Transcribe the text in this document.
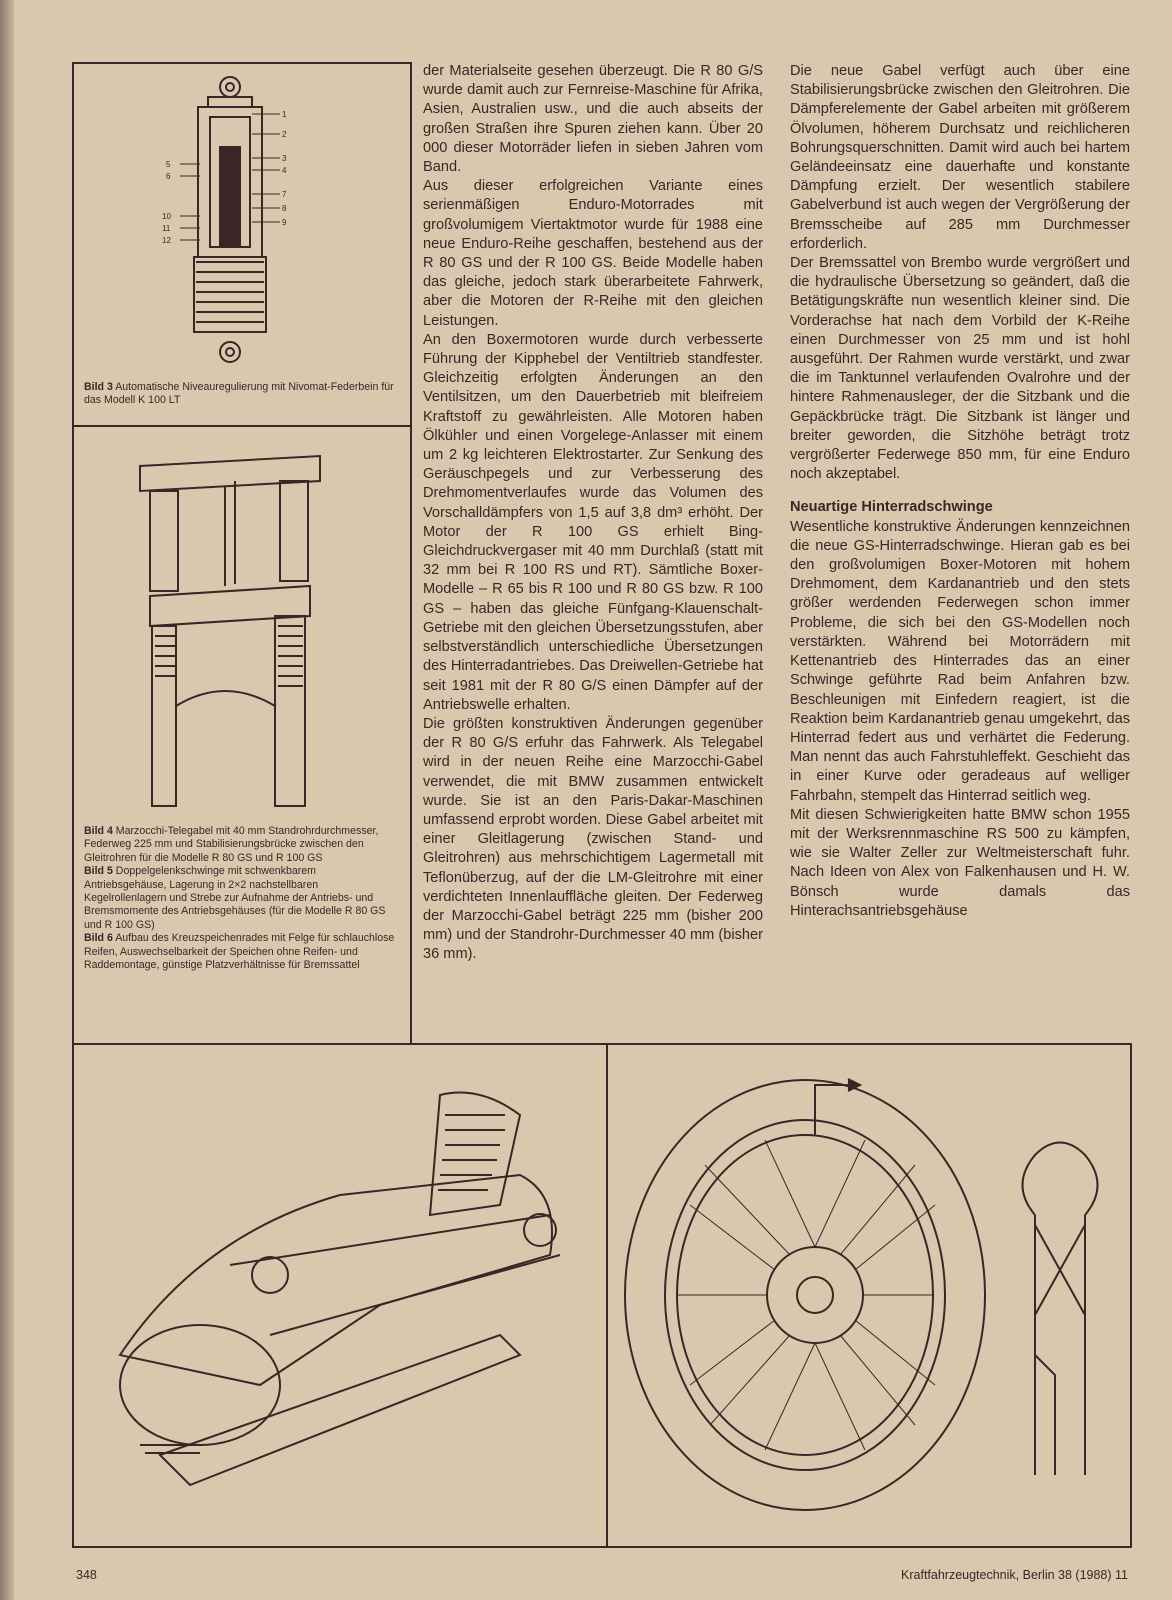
1
2
3
4
5
6
7
8
9
10
11
12

Bild 3 Automatische Niveauregulierung mit Nivomat-Federbein für das Modell K 100 LT

Bild 4 Marzocchi-Telegabel mit 40 mm Standrohrdurchmesser, Federweg 225 mm und Stabilisierungsbrücke zwischen den Gleitrohren für die Modelle R 80 GS und R 100 GS

Bild 5 Doppelgelenkschwinge mit schwenkbarem Antriebsgehäuse, Lagerung in 2×2 nachstellbaren Kegelrollenlagern und Strebe zur Aufnahme der Antriebs- und Bremsmomente des Antriebsgehäuses (für die Modelle R 80 GS und R 100 GS)

Bild 6 Aufbau des Kreuzspeichenrades mit Felge für schlauchlose Reifen, Auswechselbarkeit der Speichen ohne Reifen- und Raddemontage, günstige Platzverhältnisse für Bremssattel

der Materialseite gesehen überzeugt. Die R 80 G/S wurde damit auch zur Fernreise-Maschine für Afrika, Asien, Australien usw., und die auch abseits der großen Straßen ihre Spuren ziehen kann. Über 20 000 dieser Motorräder liefen in sieben Jahren vom Band.

Aus dieser erfolgreichen Variante eines serienmäßigen Enduro-Motorrades mit großvolumigem Viertaktmotor wurde für 1988 eine neue Enduro-Reihe geschaffen, bestehend aus der R 80 GS und der R 100 GS. Beide Modelle haben das gleiche, jedoch stark überarbeitete Fahrwerk, aber die Motoren der R-Reihe mit den gleichen Leistungen.

An den Boxermotoren wurde durch verbesserte Führung der Kipphebel der Ventiltrieb standfester. Gleichzeitig erfolgten Änderungen an den Ventilsitzen, um den Dauerbetrieb mit bleifreiem Kraftstoff zu gewährleisten. Alle Motoren haben Ölkühler und einen Vorgelege-Anlasser mit einem um 2 kg leichteren Elektrostarter. Zur Senkung des Geräuschpegels und zur Verbesserung des Drehmomentverlaufes wurde das Volumen des Vorschalldämpfers von 1,5 auf 3,8 dm³ erhöht. Der Motor der R 100 GS erhielt Bing-Gleichdruckvergaser mit 40 mm Durchlaß (statt mit 32 mm bei R 100 RS und RT). Sämtliche Boxer-Modelle – R 65 bis R 100 und R 80 GS bzw. R 100 GS – haben das gleiche Fünfgang-Klauenschalt-Getriebe mit den gleichen Übersetzungsstufen, aber selbstverständlich unterschiedliche Übersetzungen des Hinterradantriebes. Das Dreiwellen-Getriebe hat seit 1981 mit der R 80 G/S einen Dämpfer auf der Antriebswelle erhalten.

Die größten konstruktiven Änderungen gegenüber der R 80 G/S erfuhr das Fahrwerk. Als Telegabel wird in der neuen Reihe eine Marzocchi-Gabel verwendet, die mit BMW zusammen entwickelt wurde. Sie ist an den Paris-Dakar-Maschinen umfassend erprobt worden. Diese Gabel arbeitet mit einer Gleitlagerung (zwischen Stand- und Gleitrohren) aus mehrschichtigem Lagermetall mit Teflonüberzug, auf der die LM-Gleitrohre mit einer verdichteten Innenlauffläche gleiten. Der Federweg der Marzocchi-Gabel beträgt 225 mm (bisher 200 mm) und der Standrohr-Durchmesser 40 mm (bisher 36 mm).

Die neue Gabel verfügt auch über eine Stabilisierungsbrücke zwischen den Gleitrohren. Die Dämpferelemente der Gabel arbeiten mit größerem Ölvolumen, höherem Durchsatz und reichlicheren Bohrungsquerschnitten. Damit wird auch bei hartem Geländeeinsatz eine dauerhafte und konstante Dämpfung erzielt. Der wesentlich stabilere Gabelverbund ist auch wegen der Vergrößerung der Bremsscheibe auf 285 mm Durchmesser erforderlich.

Der Bremssattel von Brembo wurde vergrößert und die hydraulische Übersetzung so geändert, daß die Betätigungskräfte nun wesentlich kleiner sind. Die Vorderachse hat nach dem Vorbild der K-Reihe einen Durchmesser von 25 mm und ist hohl ausgeführt. Der Rahmen wurde verstärkt, und zwar die im Tanktunnel verlaufenden Ovalrohre und der hintere Rahmenausleger, der die Sitzbank und die Gepäckbrücke trägt. Die Sitzbank ist länger und breiter geworden, die Sitzhöhe beträgt trotz vergrößerter Federwege 850 mm, für eine Enduro noch akzeptabel.

Neuartige Hinterradschwinge

Wesentliche konstruktive Änderungen kennzeichnen die neue GS-Hinterradschwinge. Hieran gab es bei den großvolumigen Boxer-Motoren mit hohem Drehmoment, dem Kardanantrieb und den stets größer werdenden Federwegen schon immer Probleme, die sich bei den GS-Modellen noch verstärkten. Während bei Motorrädern mit Kettenantrieb des Hinterrades das an einer Schwinge geführte Rad beim Anfahren bzw. Beschleunigen mit Einfedern reagiert, ist die Reaktion beim Kardanantrieb genau umgekehrt, das Hinterrad federt aus und verhärtet die Federung. Man nennt das auch Fahrstuhleffekt. Geschieht das in einer Kurve oder geradeaus auf welliger Fahrbahn, stempelt das Hinterrad seitlich weg.

Mit diesen Schwierigkeiten hatte BMW schon 1955 mit der Werksrennmaschine RS 500 zu kämpfen, wie sie Walter Zeller zur Weltmeisterschaft fuhr. Nach Ideen von Alex von Falkenhausen und H. W. Bönsch wurde damals das Hinterachsantriebsgehäuse

348	Kraftfahrzeugtechnik, Berlin 38 (1988) 11
